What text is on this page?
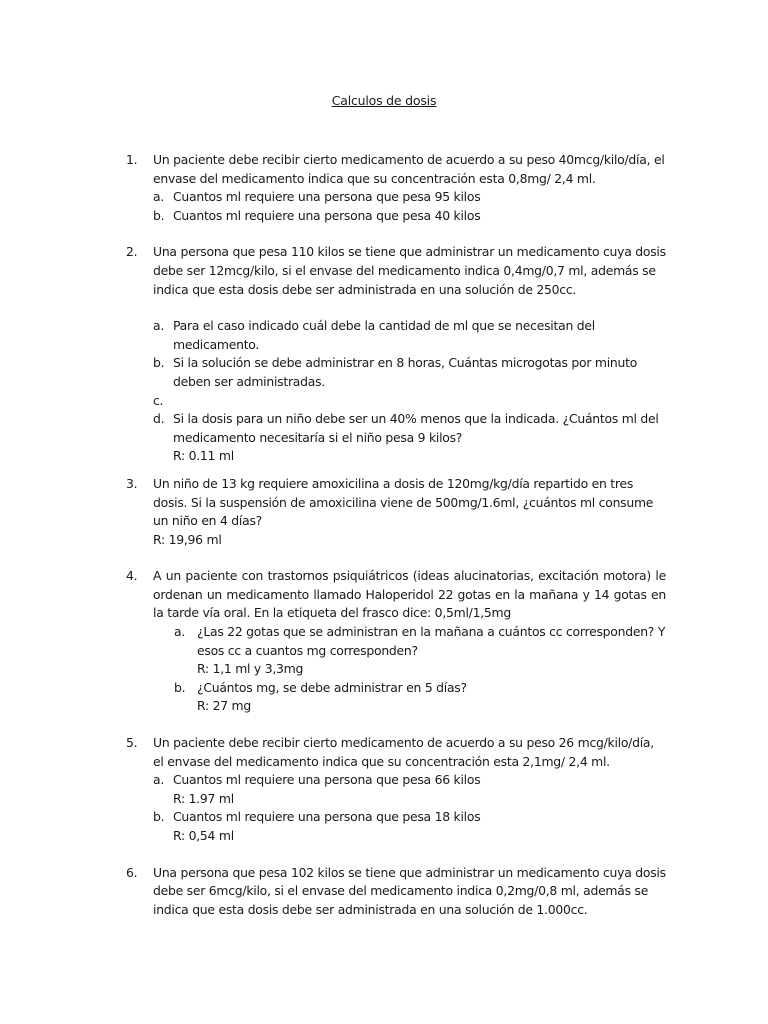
Calculos de dosis
1. Un paciente debe recibir cierto medicamento de acuerdo a su peso 40mcg/kilo/día, el envase del medicamento indica que su concentración esta 0,8mg/ 2,4 ml.
a. Cuantos ml requiere una persona que pesa 95 kilos
b. Cuantos ml requiere una persona que pesa 40 kilos
2. Una persona que pesa 110 kilos se tiene que administrar un medicamento cuya dosis debe ser 12mcg/kilo, si el envase del medicamento indica 0,4mg/0,7 ml, además se indica que esta dosis debe ser administrada en una solución de 250cc.
a. Para el caso indicado cuál debe la cantidad de ml que se necesitan del medicamento.
b. Si la solución se debe administrar en 8 horas, Cuántas microgotas por minuto deben ser administradas.
c.

d. Si la dosis para un niño debe ser un 40% menos que la indicada. ¿Cuántos ml del medicamento necesitaría si el niño pesa 9 kilos?
R: 0.11 ml
3. Un niño de 13 kg requiere amoxicilina a dosis de 120mg/kg/día repartido en tres dosis. Si la suspensión de amoxicilina viene de 500mg/1.6ml, ¿cuántos ml consume un niño en 4 días?
R: 19,96 ml
4. A un paciente con trastornos psiquiátricos (ideas alucinatorias, excitación motora) le ordenan un medicamento llamado Haloperidol 22 gotas en la mañana y 14 gotas en la tarde vía oral. En la etiqueta del frasco dice: 0,5ml/1,5mg
a. ¿Las 22 gotas que se administran en la mañana a cuántos cc corresponden? Y esos cc a cuantos mg corresponden?
R: 1,1 ml y 3,3mg
b. ¿Cuántos mg, se debe administrar en 5 días?
R: 27 mg
5. Un paciente debe recibir cierto medicamento de acuerdo a su peso 26 mcg/kilo/día, el envase del medicamento indica que su concentración esta 2,1mg/ 2,4 ml.
a. Cuantos ml requiere una persona que pesa 66 kilos
R: 1.97 ml
b. Cuantos ml requiere una persona que pesa 18 kilos
R: 0,54 ml
6. Una persona que pesa 102 kilos se tiene que administrar un medicamento cuya dosis debe ser 6mcg/kilo, si el envase del medicamento indica 0,2mg/0,8 ml, además se indica que esta dosis debe ser administrada en una solución de 1.000cc.
